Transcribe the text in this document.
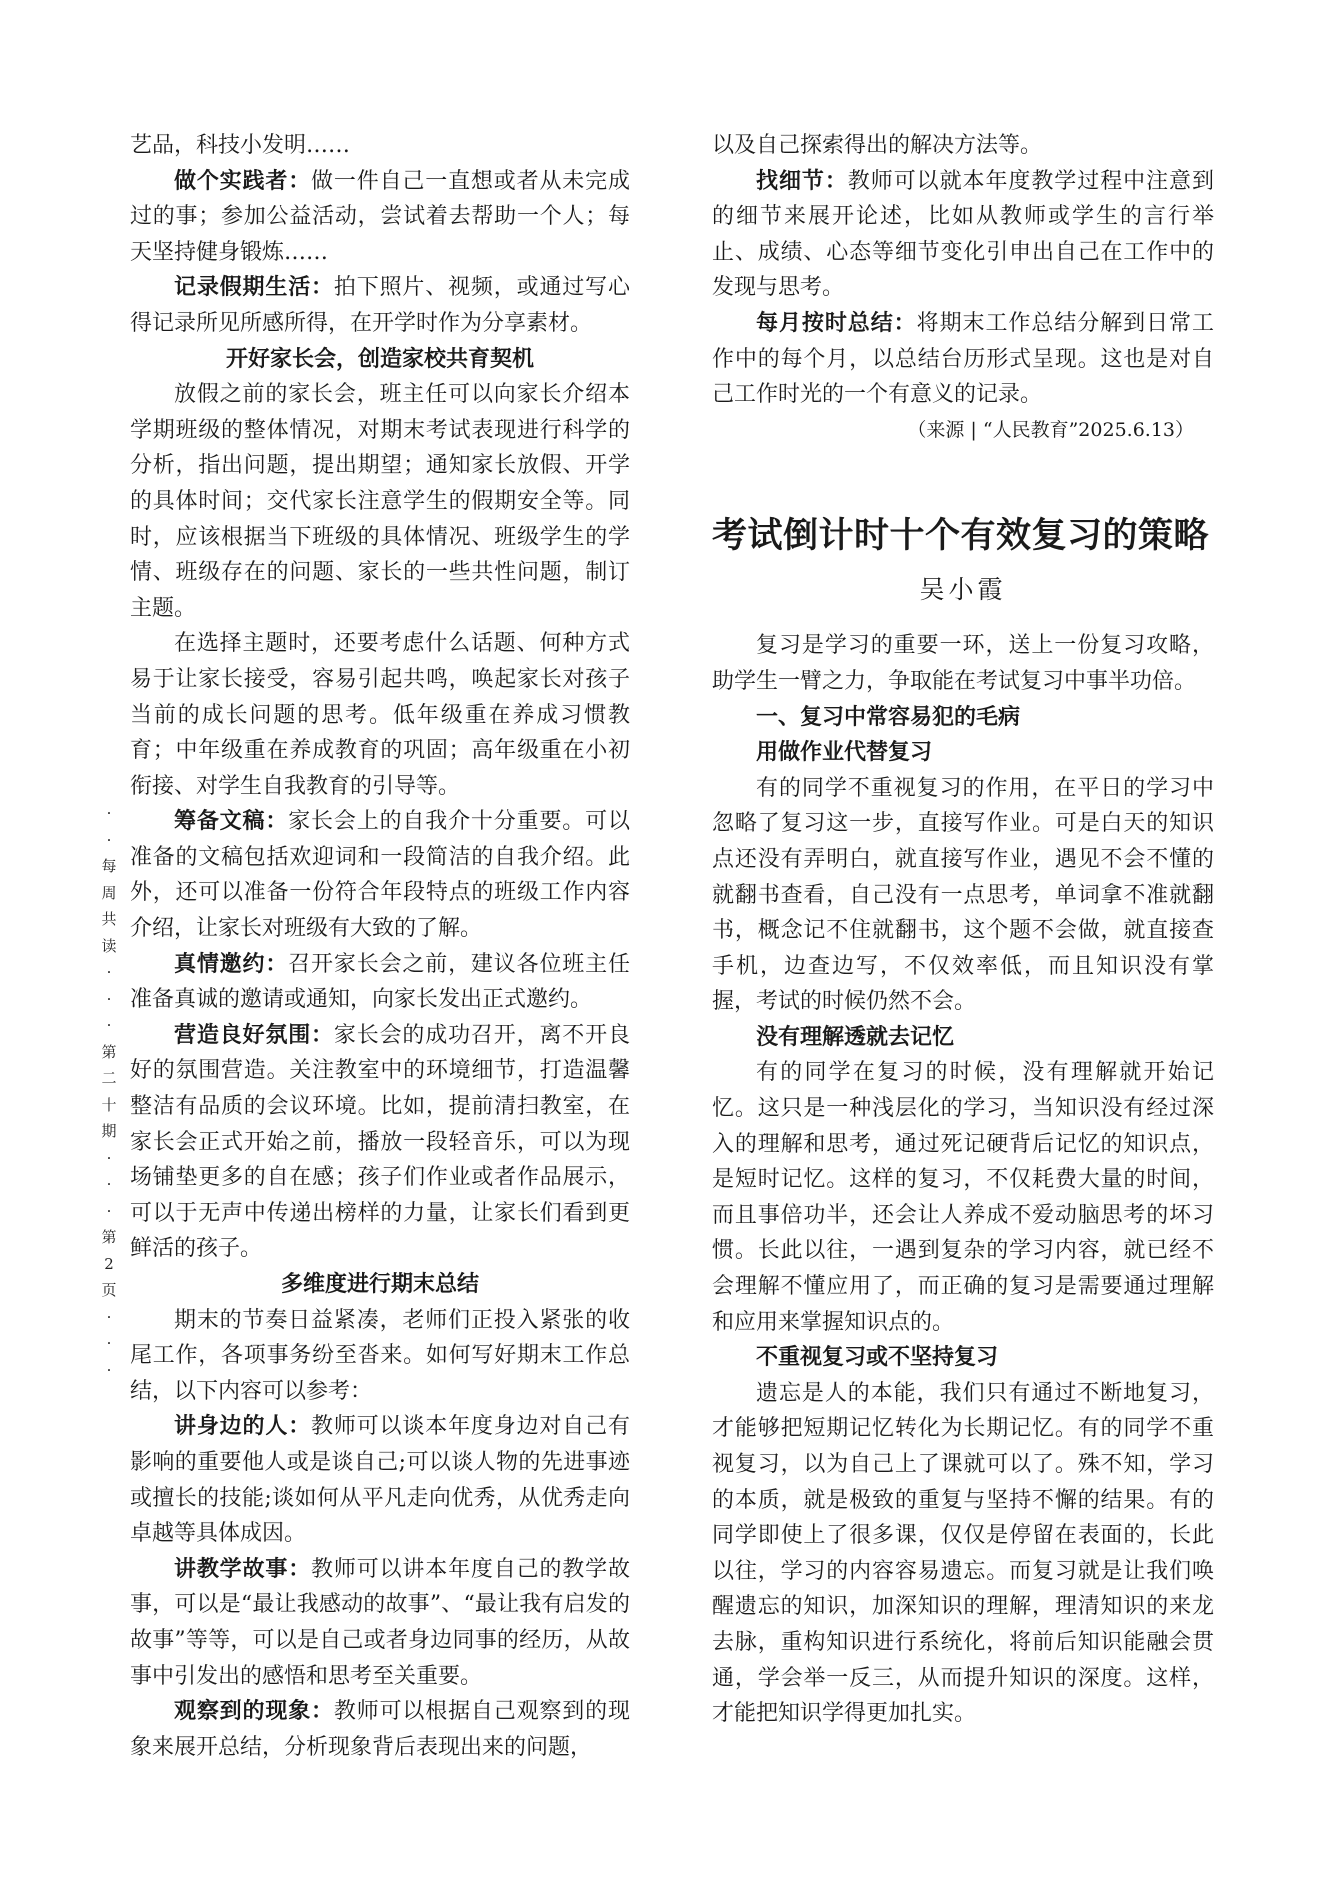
艺品，科技小发明……

做个实践者：做一件自己一直想或者从未完成过的事；参加公益活动，尝试着去帮助一个人；每天坚持健身锻炼……

记录假期生活：拍下照片、视频，或通过写心得记录所见所感所得，在开学时作为分享素材。

开好家长会，创造家校共育契机

放假之前的家长会，班主任可以向家长介绍本学期班级的整体情况，对期末考试表现进行科学的分析，指出问题，提出期望；通知家长放假、开学的具体时间；交代家长注意学生的假期安全等。同时，应该根据当下班级的具体情况、班级学生的学情、班级存在的问题、家长的一些共性问题，制订主题。

在选择主题时，还要考虑什么话题、何种方式易于让家长接受，容易引起共鸣，唤起家长对孩子当前的成长问题的思考。低年级重在养成习惯教育；中年级重在养成教育的巩固；高年级重在小初衔接、对学生自我教育的引导等。

筹备文稿：家长会上的自我介十分重要。可以准备的文稿包括欢迎词和一段简洁的自我介绍。此外，还可以准备一份符合年段特点的班级工作内容介绍，让家长对班级有大致的了解。

真情邀约：召开家长会之前，建议各位班主任准备真诚的邀请或通知，向家长发出正式邀约。

营造良好氛围：家长会的成功召开，离不开良好的氛围营造。关注教室中的环境细节，打造温馨整洁有品质的会议环境。比如，提前清扫教室，在家长会正式开始之前，播放一段轻音乐，可以为现场铺垫更多的自在感；孩子们作业或者作品展示，可以于无声中传递出榜样的力量，让家长们看到更鲜活的孩子。

多维度进行期末总结

期末的节奏日益紧凑，老师们正投入紧张的收尾工作，各项事务纷至沓来。如何写好期末工作总结，以下内容可以参考：

讲身边的人：教师可以谈本年度身边对自己有影响的重要他人或是谈自己;可以谈人物的先进事迹或擅长的技能;谈如何从平凡走向优秀，从优秀走向卓越等具体成因。

讲教学故事：教师可以讲本年度自己的教学故事，可以是“最让我感动的故事”、“最让我有启发的故事”等等，可以是自己或者身边同事的经历，从故事中引发出的感悟和思考至关重要。

观察到的现象：教师可以根据自己观察到的现象来展开总结，分析现象背后表现出来的问题，

·
·
每
周
共
读
·
·
·
第
二
十
期
·
·
·
第
2
页
·
·
·

以及自己探索得出的解决方法等。

找细节：教师可以就本年度教学过程中注意到的细节来展开论述，比如从教师或学生的言行举止、成绩、心态等细节变化引申出自己在工作中的发现与思考。

每月按时总结：将期末工作总结分解到日常工作中的每个月，以总结台历形式呈现。这也是对自己工作时光的一个有意义的记录。

（来源 | “人民教育”2025.6.13）
考试倒计时十个有效复习的策略
吴小霞

复习是学习的重要一环，送上一份复习攻略，助学生一臂之力，争取能在考试复习中事半功倍。

一、复习中常容易犯的毛病
用做作业代替复习

有的同学不重视复习的作用，在平日的学习中忽略了复习这一步，直接写作业。可是白天的知识点还没有弄明白，就直接写作业，遇见不会不懂的就翻书查看，自己没有一点思考，单词拿不准就翻书，概念记不住就翻书，这个题不会做，就直接查手机，边查边写，不仅效率低，而且知识没有掌握，考试的时候仍然不会。

没有理解透就去记忆

有的同学在复习的时候，没有理解就开始记忆。这只是一种浅层化的学习，当知识没有经过深入的理解和思考，通过死记硬背后记忆的知识点，是短时记忆。这样的复习，不仅耗费大量的时间，而且事倍功半，还会让人养成不爱动脑思考的坏习惯。长此以往，一遇到复杂的学习内容，就已经不会理解不懂应用了，而正确的复习是需要通过理解和应用来掌握知识点的。

不重视复习或不坚持复习

遗忘是人的本能，我们只有通过不断地复习，才能够把短期记忆转化为长期记忆。有的同学不重视复习，以为自己上了课就可以了。殊不知，学习的本质，就是极致的重复与坚持不懈的结果。有的同学即使上了很多课，仅仅是停留在表面的，长此以往，学习的内容容易遗忘。而复习就是让我们唤醒遗忘的知识，加深知识的理解，理清知识的来龙去脉，重构知识进行系统化，将前后知识能融会贯通，学会举一反三，从而提升知识的深度。这样，才能把知识学得更加扎实。
